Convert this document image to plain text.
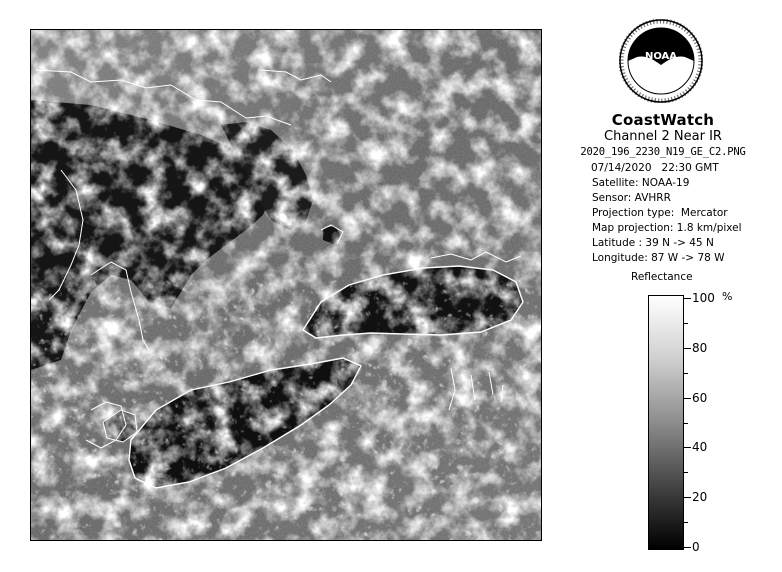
NOAA
CoastWatch
Channel 2 Near IR
2020_196_2230_N19_GE_C2.PNG
07/14/2020   22:30 GMT
Satellite: NOAA-19
Sensor: AVHRR
Projection type:  Mercator
Map projection: 1.8 km/pixel
Latitude : 39 N -> 45 N
Longitude: 87 W -> 78 W
Reflectance
%
100
80
60
40
20
0
